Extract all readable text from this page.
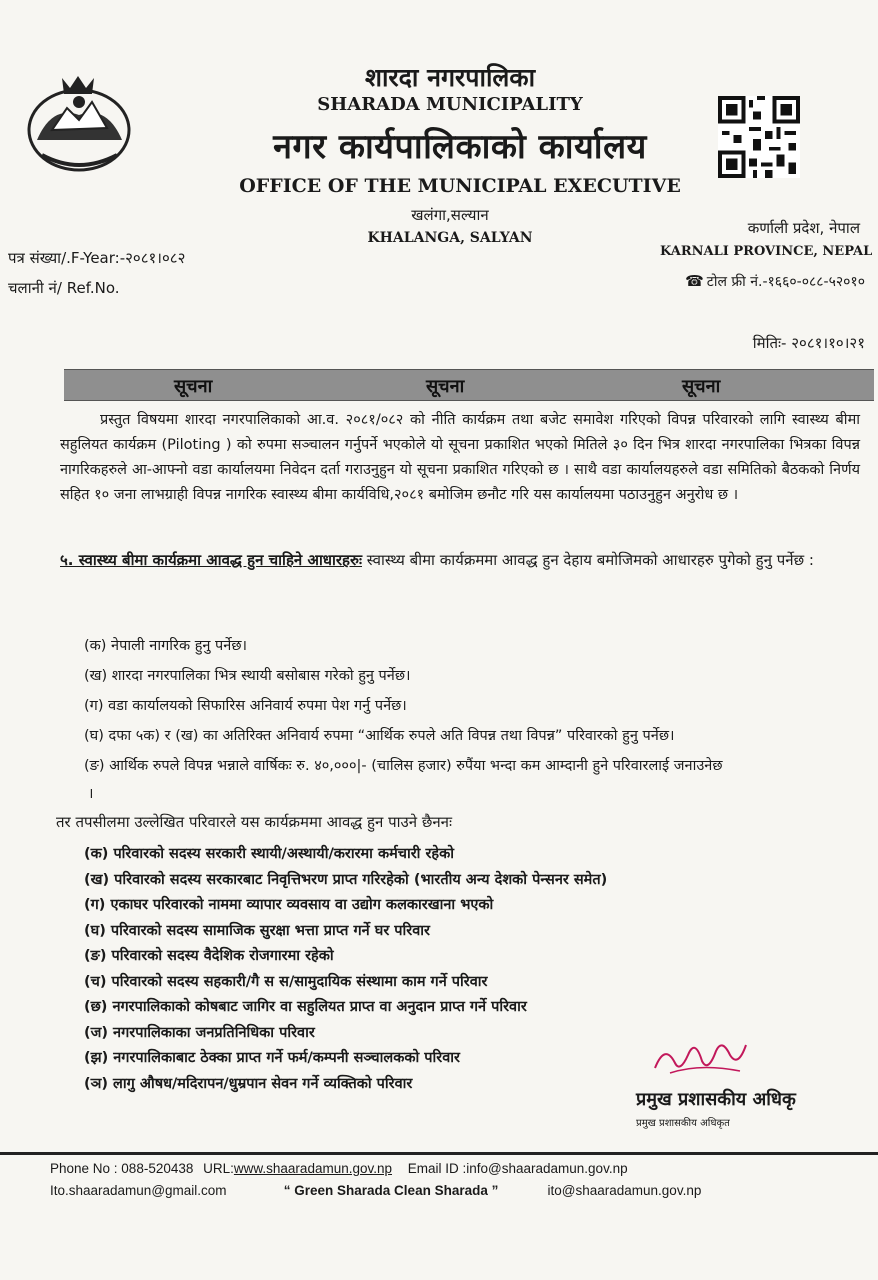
शारदा नगरपालिका
SHARADA MUNICIPALITY
नगर कार्यपालिकाको कार्यालय
OFFICE OF THE MUNICIPAL EXECUTIVE
खलंगा,सल्यान
KHALANGA, SALYAN
कर्णाली प्रदेश, नेपाल
KARNALI PROVINCE, NEPAL
☎ टोल फ्री नं.-१६६०-०८८-५२०१०
पत्र संख्या/.F-Year:-२०८१।०८२
चलानी नं/ Ref.No.
मितिः- २०८१।१०।२१
सूचना	सूचना	सूचना

प्रस्तुत विषयमा शारदा नगरपालिकाको आ.व. २०८१/०८२ को नीति कार्यक्रम तथा बजेट समावेश गरिएको विपन्न परिवारको लागि स्वास्थ्य बीमा सहुलियत कार्यक्रम (Piloting ) को रुपमा सञ्चालन गर्नुपर्ने भएकोले यो सूचना प्रकाशित भएको मितिले ३० दिन भित्र शारदा नगरपालिका भित्रका विपन्न नागरिकहरुले आ-आफ्नो वडा कार्यालयमा निवेदन दर्ता गराउनुहुन यो सूचना प्रकाशित गरिएको छ । साथै वडा कार्यालयहरुले वडा समितिको बैठकको निर्णय सहित १० जना लाभग्राही विपन्न नागरिक स्वास्थ्य बीमा कार्यविधि,२०८१ बमोजिम छनौट गरि यस कार्यालयमा पठाउनुहुन अनुरोध छ ।

५. स्वास्थ्य बीमा कार्यक्रमा आवद्ध हुन चाहिने आधारहरुः स्वास्थ्य बीमा कार्यक्रममा आवद्ध हुन देहाय बमोजिमको आधारहरु पुगेको हुनु पर्नेछ :
(क) नेपाली नागरिक हुनु पर्नेछ।
(ख) शारदा नगरपालिका भित्र स्थायी बसोबास गरेको हुनु पर्नेछ।
(ग) वडा कार्यालयको सिफारिस अनिवार्य रुपमा पेश गर्नु पर्नेछ।
(घ) दफा ५क) र (ख) का अतिरिक्त अनिवार्य रुपमा “आर्थिक रुपले अति विपन्न तथा विपन्न” परिवारको हुनु पर्नेछ।
(ङ) आर्थिक रुपले विपन्न भन्नाले वार्षिकः रु. ४०,०००|- (चालिस हजार) रुपैंया भन्दा कम आम्दानी हुने परिवारलाई जनाउनेछ
।
तर तपसीलमा उल्लेखित परिवारले यस कार्यक्रममा आवद्ध हुन पाउने छैननः
(क) परिवारको सदस्य सरकारी स्थायी/अस्थायी/करारमा कर्मचारी रहेको
(ख) परिवारको सदस्य सरकारबाट निवृत्तिभरण प्राप्त गरिरहेको (भारतीय अन्य देशको पेन्सनर समेत)
(ग) एकाघर परिवारको नाममा व्यापार व्यवसाय वा उद्योग कलकारखाना भएको
(घ) परिवारको सदस्य सामाजिक सुरक्षा भत्ता प्राप्त गर्ने घर परिवार
(ङ) परिवारको सदस्य वैदेशिक रोजगारमा रहेको
(च) परिवारको सदस्य सहकारी/गै स स/सामुदायिक संस्थामा काम गर्ने परिवार
(छ) नगरपालिकाको कोषबाट जागिर वा सहुलियत प्राप्त वा अनुदान प्राप्त गर्ने परिवार
(ज) नगरपालिकाका जनप्रतिनिधिका परिवार
(झ) नगरपालिकाबाट ठेक्का प्राप्त गर्ने फर्म/कम्पनी सञ्चालकको परिवार
(ञ) लागु औषध/मदिरापन/धुम्रपान सेवन गर्ने व्यक्तिको परिवार
प्रमुख प्रशासकीय अधिकृ
प्रमुख प्रशासकीय अधिकृत
Phone No : 088-520438 URL:www.shaaradamun.gov.np Email ID :info@shaaradamun.gov.np
Ito.shaaradamun@gmail.com	“ Green Sharada Clean Sharada ”	ito@shaaradamun.gov.np
